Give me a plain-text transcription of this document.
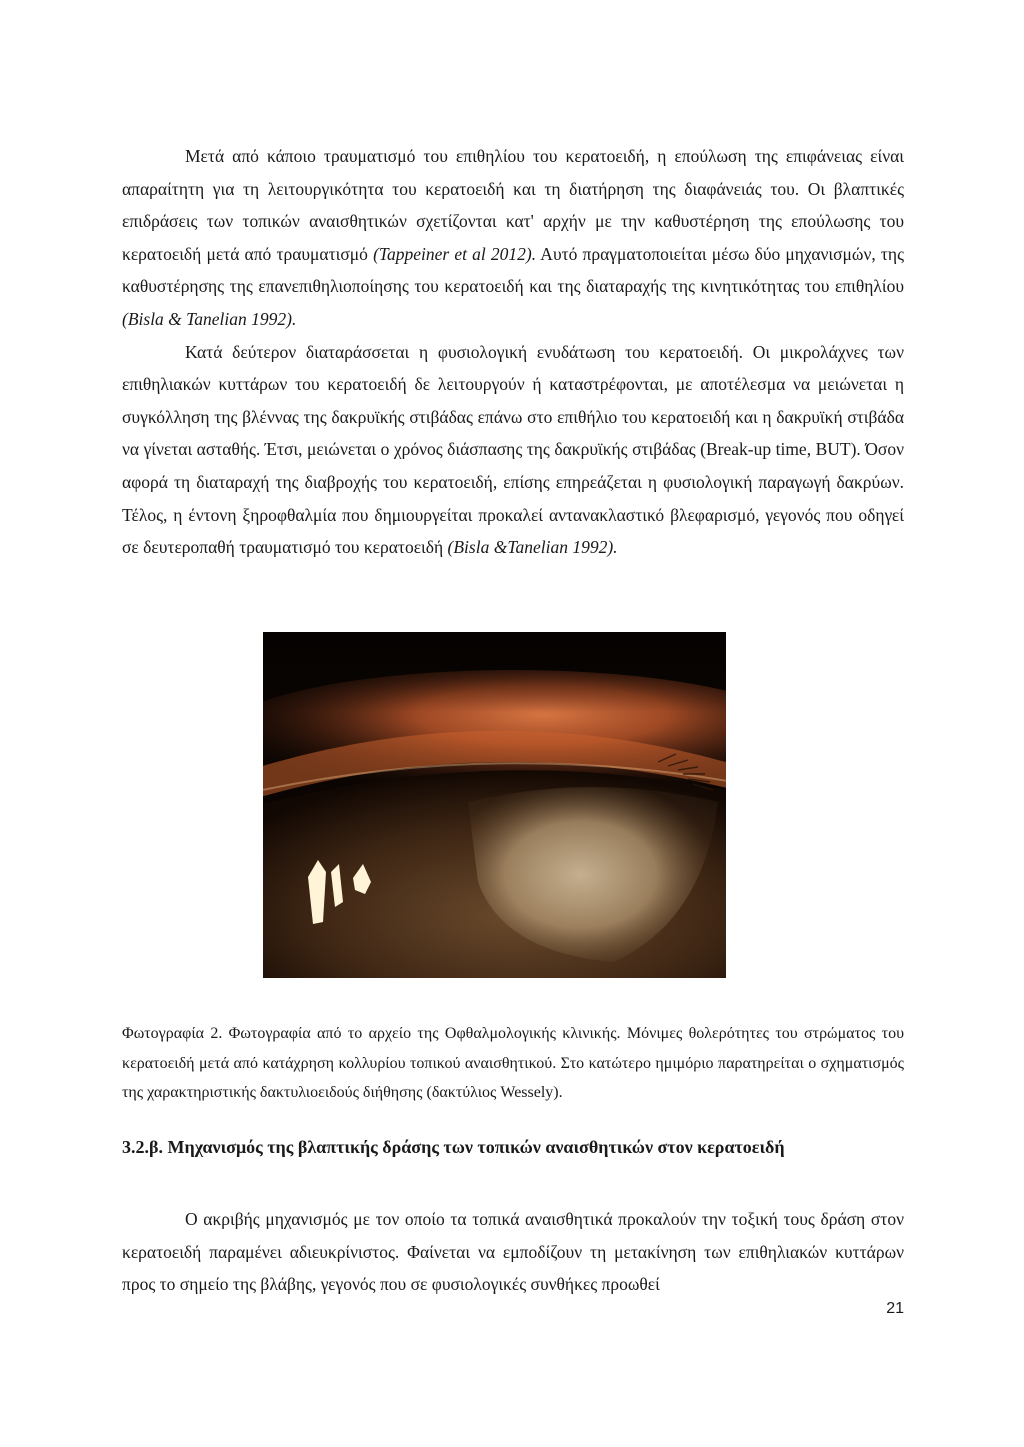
Μετά από κάποιο τραυματισμό του επιθηλίου του κερατοειδή, η επούλωση της επιφάνειας είναι απαραίτητη για τη λειτουργικότητα του κερατοειδή και τη διατήρηση της διαφάνειάς του. Οι βλαπτικές επιδράσεις των τοπικών αναισθητικών σχετίζονται κατ' αρχήν με την καθυστέρηση της επούλωσης του κερατοειδή μετά από τραυματισμό (Tappeiner et al 2012). Αυτό πραγματοποιείται μέσω δύο μηχανισμών, της καθυστέρησης της επανεπιθηλιοποίησης του κερατοειδή και της διαταραχής της κινητικότητας του επιθηλίου (Bisla & Tanelian 1992).

Κατά δεύτερον διαταράσσεται η φυσιολογική ενυδάτωση του κερατοειδή. Οι μικρολάχνες των επιθηλιακών κυττάρων του κερατοειδή δε λειτουργούν ή καταστρέφονται, με αποτέλεσμα να μειώνεται η συγκόλληση της βλέννας της δακρυϊκής στιβάδας επάνω στο επιθήλιο του κερατοειδή και η δακρυϊκή στιβάδα να γίνεται ασταθής. Έτσι, μειώνεται ο χρόνος διάσπασης της δακρυϊκής στιβάδας (Break-up time, BUT). Όσον αφορά τη διαταραχή της διαβροχής του κερατοειδή, επίσης επηρεάζεται η φυσιολογική παραγωγή δακρύων. Τέλος, η έντονη ξηροφθαλμία που δημιουργείται προκαλεί αντανακλαστικό βλεφαρισμό, γεγονός που οδηγεί σε δευτεροπαθή τραυματισμό του κερατοειδή (Bisla &Tanelian 1992).

Φωτογραφία 2. Φωτογραφία από το αρχείο της Οφθαλμολογικής κλινικής. Μόνιμες θολερότητες του στρώματος του κερατοειδή μετά από κατάχρηση κολλυρίου τοπικού αναισθητικού. Στο κατώτερο ημιμόριο παρατηρείται ο σχηματισμός της χαρακτηριστικής δακτυλιοειδούς διήθησης (δακτύλιος Wessely).

3.2.β. Μηχανισμός της βλαπτικής δράσης των τοπικών αναισθητικών στον κερατοειδή

Ο ακριβής μηχανισμός με τον οποίο τα τοπικά αναισθητικά προκαλούν την τοξική τους δράση στον κερατοειδή παραμένει αδιευκρίνιστος. Φαίνεται να εμποδίζουν τη μετακίνηση των επιθηλιακών κυττάρων προς το σημείο της βλάβης, γεγονός που σε φυσιολογικές συνθήκες προωθεί

21
